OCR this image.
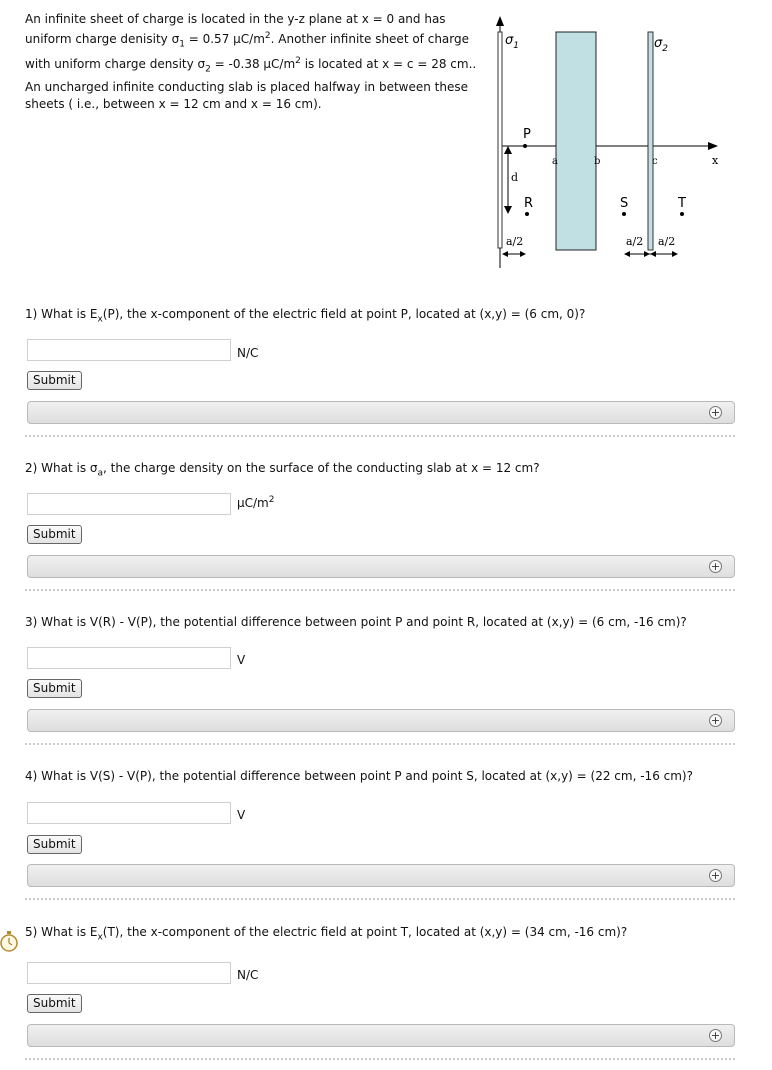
An infinite sheet of charge is located in the y-z plane at x = 0 and has uniform charge denisity $\sigma_1 = 0.57$ $\mu C/m^2$. Another infinite sheet of charge with uniform charge density $\sigma_2 = -0.38$ $\mu C/m^2$ is located at x = c = 28 cm.. An uncharged infinite conducting slab is placed halfway in between these sheets ( i.e., between x = 12 cm and x = 16 cm).
x
$\sigma_1$	$\sigma_2$
a	b	c
P
d
R	S	T
a/2	a/2 a/2
1) What is $E_x(P)$, the x-component of the electric field at point P, located at (x,y) = (6 cm, 0)?
N/C
Submit
+
2) What is $\sigma_a$, the charge density on the surface of the conducting slab at x = 12 cm?
$\mu C/m^2$
Submit
+
3) What is V(R) - V(P), the potential difference between point P and point R, located at (x,y) = (6 cm, -16 cm)?
V
Submit
+
4) What is V(S) - V(P), the potential difference between point P and point S, located at (x,y) = (22 cm, -16 cm)?
V
Submit
+
5) What is $E_x(T)$, the x-component of the electric field at point T, located at (x,y) = (34 cm, -16 cm)?
N/C
Submit
+
